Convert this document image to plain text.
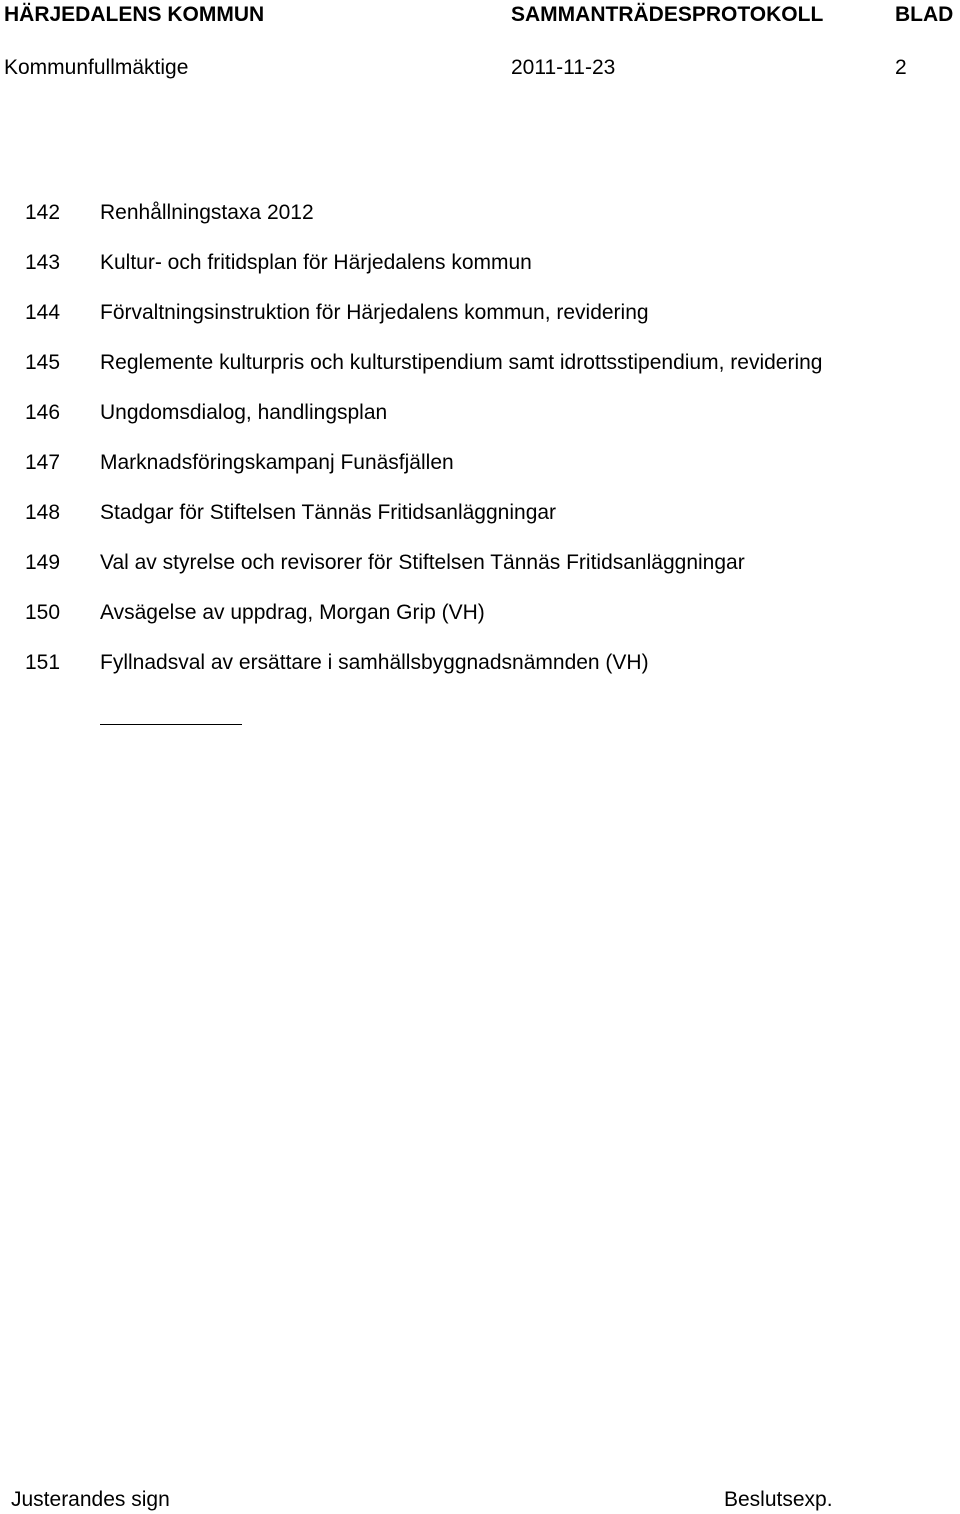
HÄRJEDALENS KOMMUN	SAMMANTRÄDESPROTOKOLL	BLAD
Kommunfullmäktige	2011-11-23	2
142 Renhållningstaxa 2012
143 Kultur- och fritidsplan för Härjedalens kommun
144 Förvaltningsinstruktion för Härjedalens kommun, revidering
145 Reglemente kulturpris och kulturstipendium samt idrottsstipendium, revidering
146 Ungdomsdialog, handlingsplan
147 Marknadsföringskampanj Funäsfjällen
148 Stadgar för Stiftelsen Tännäs Fritidsanläggningar
149 Val av styrelse och revisorer för Stiftelsen Tännäs Fritidsanläggningar
150 Avsägelse av uppdrag, Morgan Grip (VH)
151 Fyllnadsval av ersättare i samhällsbyggnadsnämnden (VH)
Justerandes sign	Beslutsexp.
